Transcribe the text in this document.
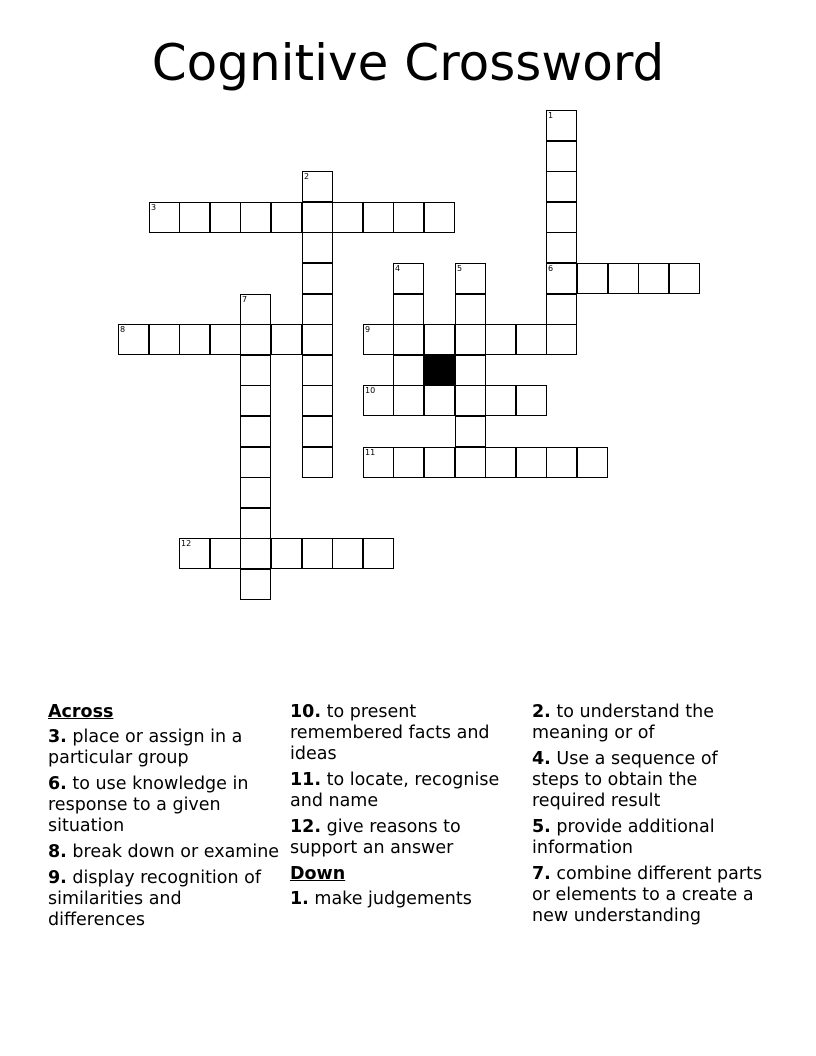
Cognitive Crossword
1
6
2
3
4	5
7
8	9
10
11
12
Across
3. place or assign in a particular group
6. to use knowledge in response to a given situation
8. break down or examine
9. display recognition of similarities and differences
10. to present remembered facts and ideas
11. to locate, recognise and name
12. give reasons to support an answer
Down
1. make judgements
2. to understand the meaning or of
4. Use a sequence of steps to obtain the required result
5. provide additional information
7. combine different parts or elements to a create a new understanding
